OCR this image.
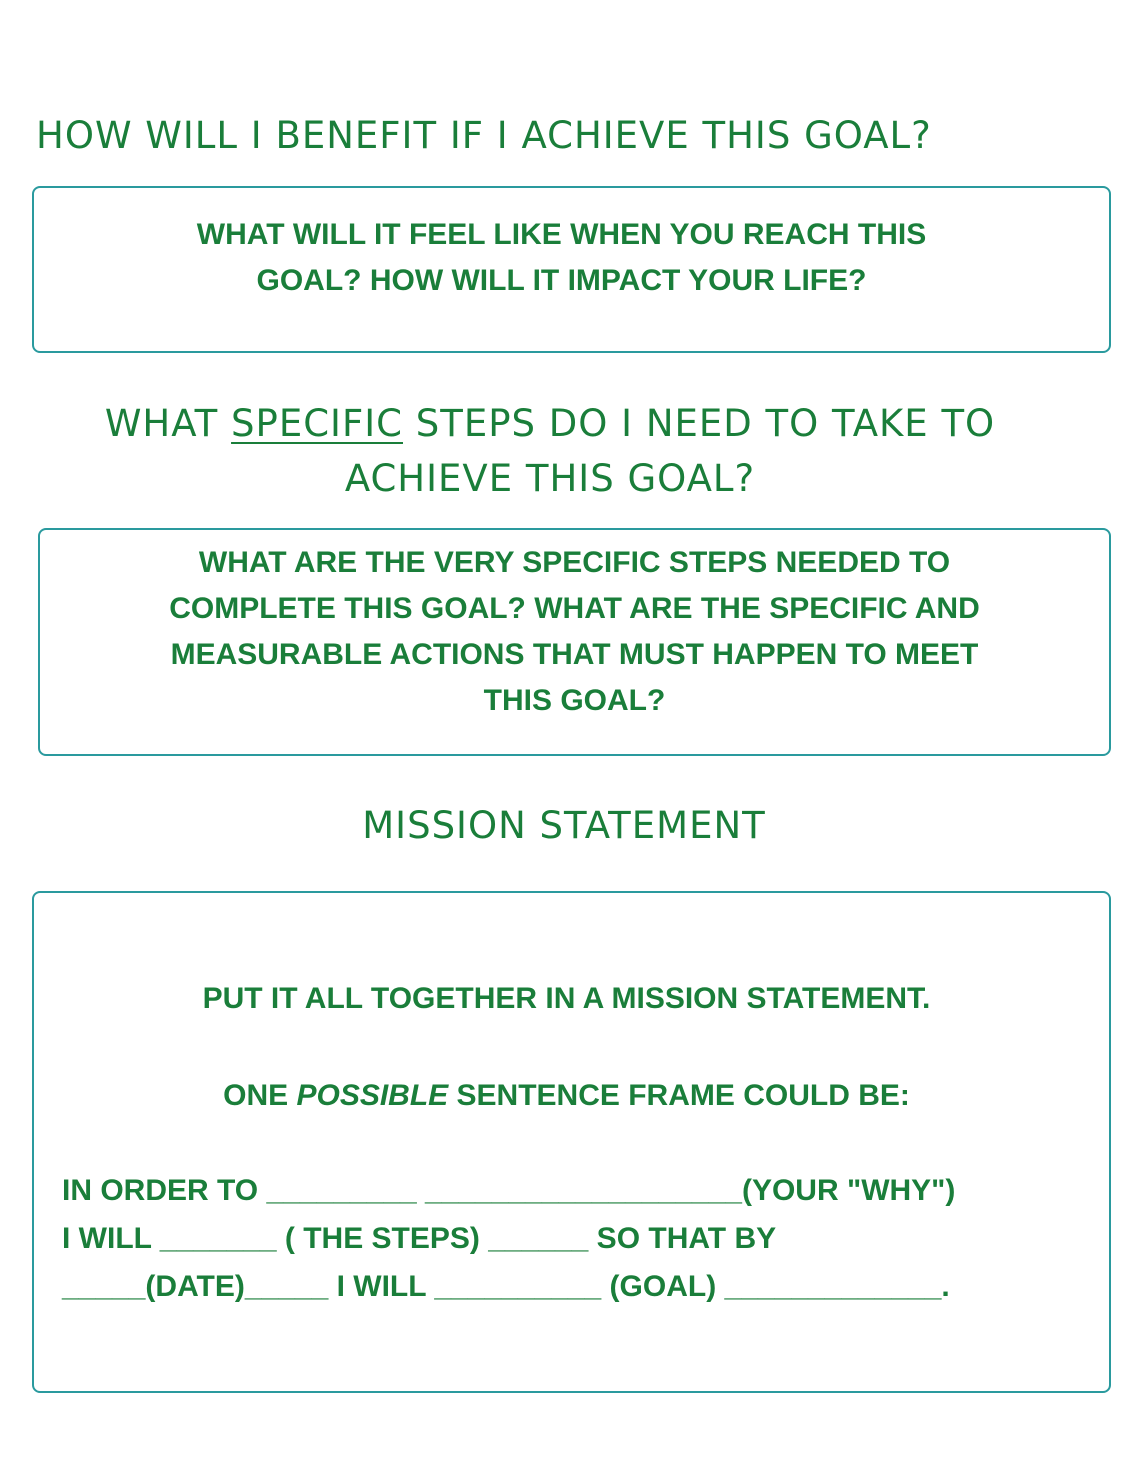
HOW WILL I BENEFIT IF I ACHIEVE THIS GOAL?

WHAT WILL IT FEEL LIKE WHEN YOU REACH THIS
GOAL? HOW WILL IT IMPACT YOUR LIFE?

WHAT SPECIFIC STEPS DO I NEED TO TAKE TO
ACHIEVE THIS GOAL?

WHAT ARE THE VERY SPECIFIC STEPS NEEDED TO
COMPLETE THIS GOAL? WHAT ARE THE SPECIFIC AND
MEASURABLE ACTIONS THAT MUST HAPPEN TO MEET
THIS GOAL?

MISSION STATEMENT

PUT IT ALL TOGETHER IN A MISSION STATEMENT.

ONE POSSIBLE SENTENCE FRAME COULD BE:

IN ORDER TO _________ ___________________(YOUR "WHY")
I WILL _______ ( THE STEPS) ______ SO THAT BY
_____(DATE)_____ I WILL __________ (GOAL) _____________.
